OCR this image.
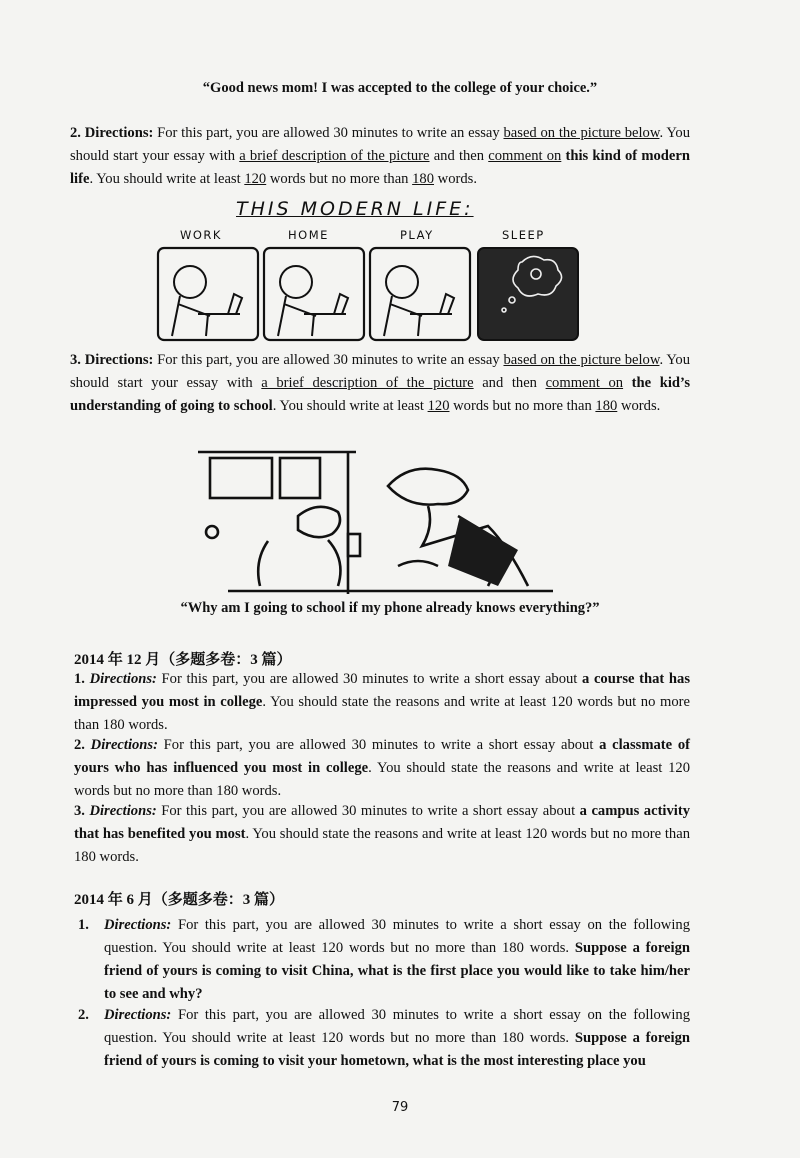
“Good news mom! I was accepted to the college of your choice.”
2. Directions: For this part, you are allowed 30 minutes to write an essay based on the picture below. You should start your essay with a brief description of the picture and then comment on this kind of modern life. You should write at least 120 words but no more than 180 words.
THIS MODERN LIFE:
WORK	HOME	PLAY	SLEEP
3. Directions: For this part, you are allowed 30 minutes to write an essay based on the picture below. You should start your essay with a brief description of the picture and then comment on the kid’s understanding of going to school. You should write at least 120 words but no more than 180 words.
“Why am I going to school if my phone already knows everything?”
2014 年 12 月（多题多卷：3 篇）
1. Directions: For this part, you are allowed 30 minutes to write a short essay about a course that has impressed you most in college. You should state the reasons and write at least 120 words but no more than 180 words.
2. Directions: For this part, you are allowed 30 minutes to write a short essay about a classmate of yours who has influenced you most in college. You should state the reasons and write at least 120 words but no more than 180 words.
3. Directions: For this part, you are allowed 30 minutes to write a short essay about a campus activity that has benefited you most. You should state the reasons and write at least 120 words but no more than 180 words.
2014 年 6 月（多题多卷：3 篇）
1. Directions: For this part, you are allowed 30 minutes to write a short essay on the following question. You should write at least 120 words but no more than 180 words. Suppose a foreign friend of yours is coming to visit China, what is the first place you would like to take him/her to see and why?
2. Directions: For this part, you are allowed 30 minutes to write a short essay on the following question. You should write at least 120 words but no more than 180 words. Suppose a foreign friend of yours is coming to visit your hometown, what is the most interesting place you
79
